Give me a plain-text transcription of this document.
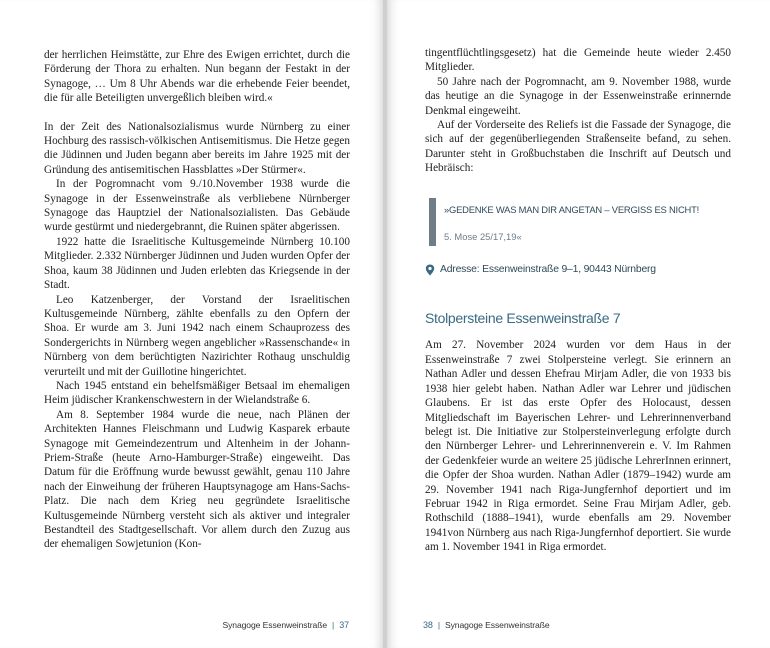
der herrlichen Heimstätte, zur Ehre des Ewigen errichtet, durch die Förderung der Thora zu erhalten. Nun begann der Festakt in der Synagoge, … Um 8 Uhr Abends war die erhebende Feier beendet, die für alle Beteiligten unvergeßlich bleiben wird.«

In der Zeit des Nationalsozialismus wurde Nürnberg zu einer Hochburg des rassisch-völkischen Antisemitismus. Die Hetze gegen die Jüdinnen und Juden begann aber bereits im Jahre 1925 mit der Gründung des antisemitischen Hassblattes »Der Stürmer«.

In der Pogromnacht vom 9./10.November 1938 wurde die Synagoge in der Essenweinstraße als verbliebene Nürnberger Synagoge das Hauptziel der Nationalsozialisten. Das Gebäude wurde gestürmt und niedergebrannt, die Ruinen später abgerissen.

1922 hatte die Israelitische Kultusgemeinde Nürnberg 10.100 Mitglieder. 2.332 Nürnberger Jüdinnen und Juden wurden Opfer der Shoa, kaum 38 Jüdinnen und Juden erlebten das Kriegsende in der Stadt.

Leo Katzenberger, der Vorstand der Israelitischen Kultusgemeinde Nürnberg, zählte ebenfalls zu den Opfern der Shoa. Er wurde am 3. Juni 1942 nach einem Schauprozess des Sondergerichts in Nürnberg wegen angeblicher »Rassenschande« in Nürnberg von dem berüchtigten Nazirichter Rothaug unschuldig verurteilt und mit der Guillotine hingerichtet.

Nach 1945 entstand ein behelfsmäßiger Betsaal im ehemaligen Heim jüdischer Krankenschwestern in der Wielandstraße 6.

Am 8. September 1984 wurde die neue, nach Plänen der Architekten Hannes Fleischmann und Ludwig Kasparek erbaute Synagoge mit Gemeindezentrum und Altenheim in der Johann-Priem-Straße (heute Arno-Hamburger-Straße) eingeweiht. Das Datum für die Eröffnung wurde bewusst gewählt, genau 110 Jahre nach der Einweihung der früheren Hauptsynagoge am Hans-Sachs-Platz. Die nach dem Krieg neu gegründete Israelitische Kultusgemeinde Nürnberg versteht sich als aktiver und integraler Bestandteil des Stadtgesellschaft. Vor allem durch den Zuzug aus der ehemaligen Sowjetunion (Kon-

Synagoge Essenweinstraße | 37

tingentflüchtlingsgesetz) hat die Gemeinde heute wieder 2.450 Mitglieder.

50 Jahre nach der Pogromnacht, am 9. November 1988, wurde das heutige an die Synagoge in der Essenweinstraße erinnernde Denkmal eingeweiht.

Auf der Vorderseite des Reliefs ist die Fassade der Synagoge, die sich auf der gegenüberliegenden Straßenseite befand, zu sehen. Darunter steht in Großbuchstaben die Inschrift auf Deutsch und Hebräisch:

»GEDENKE WAS MAN DIR ANGETAN – VERGISS ES NICHT!
5. Mose 25/17,19«
Adresse: Essenweinstraße 9–1, 90443 Nürnberg
Stolpersteine Essenweinstraße 7

Am 27. November 2024 wurden vor dem Haus in der Essenweinstraße 7 zwei Stolpersteine verlegt. Sie erinnern an Nathan Adler und dessen Ehefrau Mirjam Adler, die von 1933 bis 1938 hier gelebt haben. Nathan Adler war Lehrer und jüdischen Glaubens. Er ist das erste Opfer des Holocaust, dessen Mitgliedschaft im Bayerischen Lehrer- und Lehrerinnenverband belegt ist. Die Initiative zur Stolpersteinverlegung erfolgte durch den Nürnberger Lehrer- und Lehrerinnenverein e. V. Im Rahmen der Gedenkfeier wurde an weitere 25 jüdische LehrerInnen erinnert, die Opfer der Shoa wurden. Nathan Adler (1879–1942) wurde am 29. November 1941 nach Riga-Jungfernhof deportiert und im Februar 1942 in Riga ermordet. Seine Frau Mirjam Adler, geb. Rothschild (1888–1941), wurde ebenfalls am 29. November 1941von Nürnberg aus nach Riga-Jungfernhof deportiert. Sie wurde am 1. November 1941 in Riga ermordet.

38 | Synagoge Essenweinstraße
